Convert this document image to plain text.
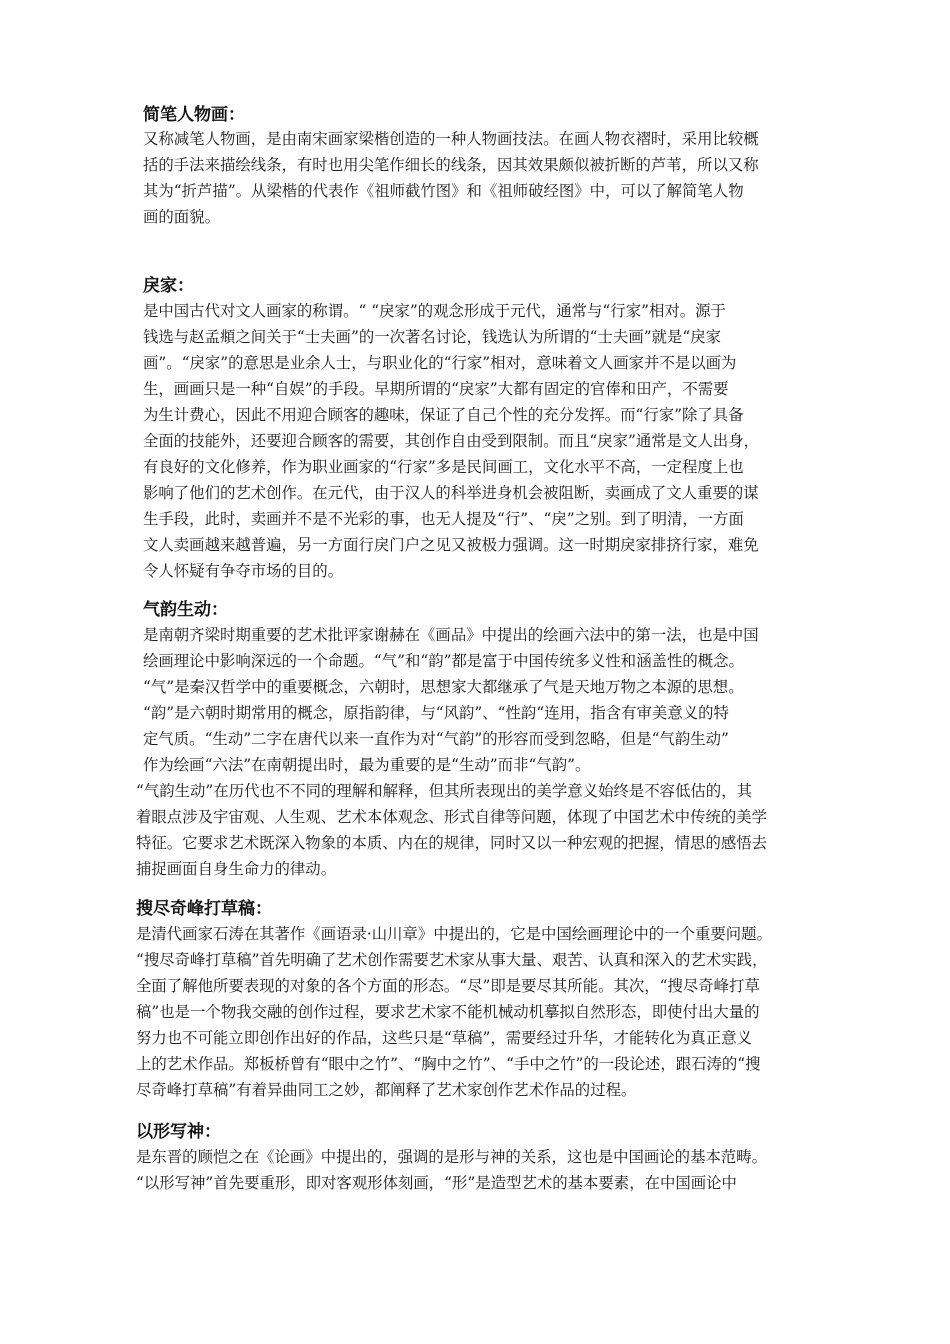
简笔人物画：
又称减笔人物画，是由南宋画家梁楷创造的一种人物画技法。在画人物衣褶时，采用比较概
括的手法来描绘线条，有时也用尖笔作细长的线条，因其效果颇似被折断的芦苇，所以又称
其为“折芦描”。从梁楷的代表作《祖师截竹图》和《祖师破经图》中，可以了解简笔人物
画的面貌。
戾家：
是中国古代对文人画家的称谓。“ “戾家”的观念形成于元代，通常与“行家”相对。源于
钱选与赵孟頫之间关于“士夫画”的一次著名讨论，钱选认为所谓的“士夫画”就是“戾家
画”。“戾家”的意思是业余人士，与职业化的“行家”相对，意味着文人画家并不是以画为
生，画画只是一种“自娱”的手段。早期所谓的“戾家”大都有固定的官俸和田产，不需要
为生计费心，因此不用迎合顾客的趣味，保证了自己个性的充分发挥。而“行家”除了具备
全面的技能外，还要迎合顾客的需要，其创作自由受到限制。而且“戾家”通常是文人出身，
有良好的文化修养，作为职业画家的“行家”多是民间画工，文化水平不高，一定程度上也
影响了他们的艺术创作。在元代，由于汉人的科举进身机会被阻断，卖画成了文人重要的谋
生手段，此时，卖画并不是不光彩的事，也无人提及“行”、“戾”之别。到了明清，一方面
文人卖画越来越普遍，另一方面行戾门户之见又被极力强调。这一时期戾家排挤行家，难免
令人怀疑有争夺市场的目的。
气韵生动：
是南朝齐梁时期重要的艺术批评家谢赫在《画品》中提出的绘画六法中的第一法，也是中国
绘画理论中影响深远的一个命题。“气”和“韵”都是富于中国传统多义性和涵盖性的概念。
“气”是秦汉哲学中的重要概念，六朝时，思想家大都继承了气是天地万物之本源的思想。
“韵”是六朝时期常用的概念，原指韵律，与“风韵”、“性韵“连用，指含有审美意义的特
定气质。“生动”二字在唐代以来一直作为对“气韵”的形容而受到忽略，但是“气韵生动”
作为绘画“六法”在南朝提出时，最为重要的是“生动”而非“气韵”。
“气韵生动”在历代也不不同的理解和解释，但其所表现出的美学意义始终是不容低估的，其
着眼点涉及宇宙观、人生观、艺术本体观念、形式自律等问题，体现了中国艺术中传统的美学
特征。它要求艺术既深入物象的本质、内在的规律，同时又以一种宏观的把握，情思的感悟去
捕捉画面自身生命力的律动。
搜尽奇峰打草稿：
是清代画家石涛在其著作《画语录·山川章》中提出的，它是中国绘画理论中的一个重要问题。
“搜尽奇峰打草稿”首先明确了艺术创作需要艺术家从事大量、艰苦、认真和深入的艺术实践，
全面了解他所要表现的对象的各个方面的形态。“尽”即是要尽其所能。其次，“搜尽奇峰打草
稿”也是一个物我交融的创作过程，要求艺术家不能机械动机摹拟自然形态，即使付出大量的
努力也不可能立即创作出好的作品，这些只是“草稿”，需要经过升华，才能转化为真正意义
上的艺术作品。郑板桥曾有“眼中之竹”、“胸中之竹”、“手中之竹”的一段论述，跟石涛的“搜
尽奇峰打草稿”有着异曲同工之妙，都阐释了艺术家创作艺术作品的过程。
以形写神：
是东晋的顾恺之在《论画》中提出的，强调的是形与神的关系，这也是中国画论的基本范畴。
“以形写神”首先要重形，即对客观形体刻画，“形”是造型艺术的基本要素，在中国画论中
